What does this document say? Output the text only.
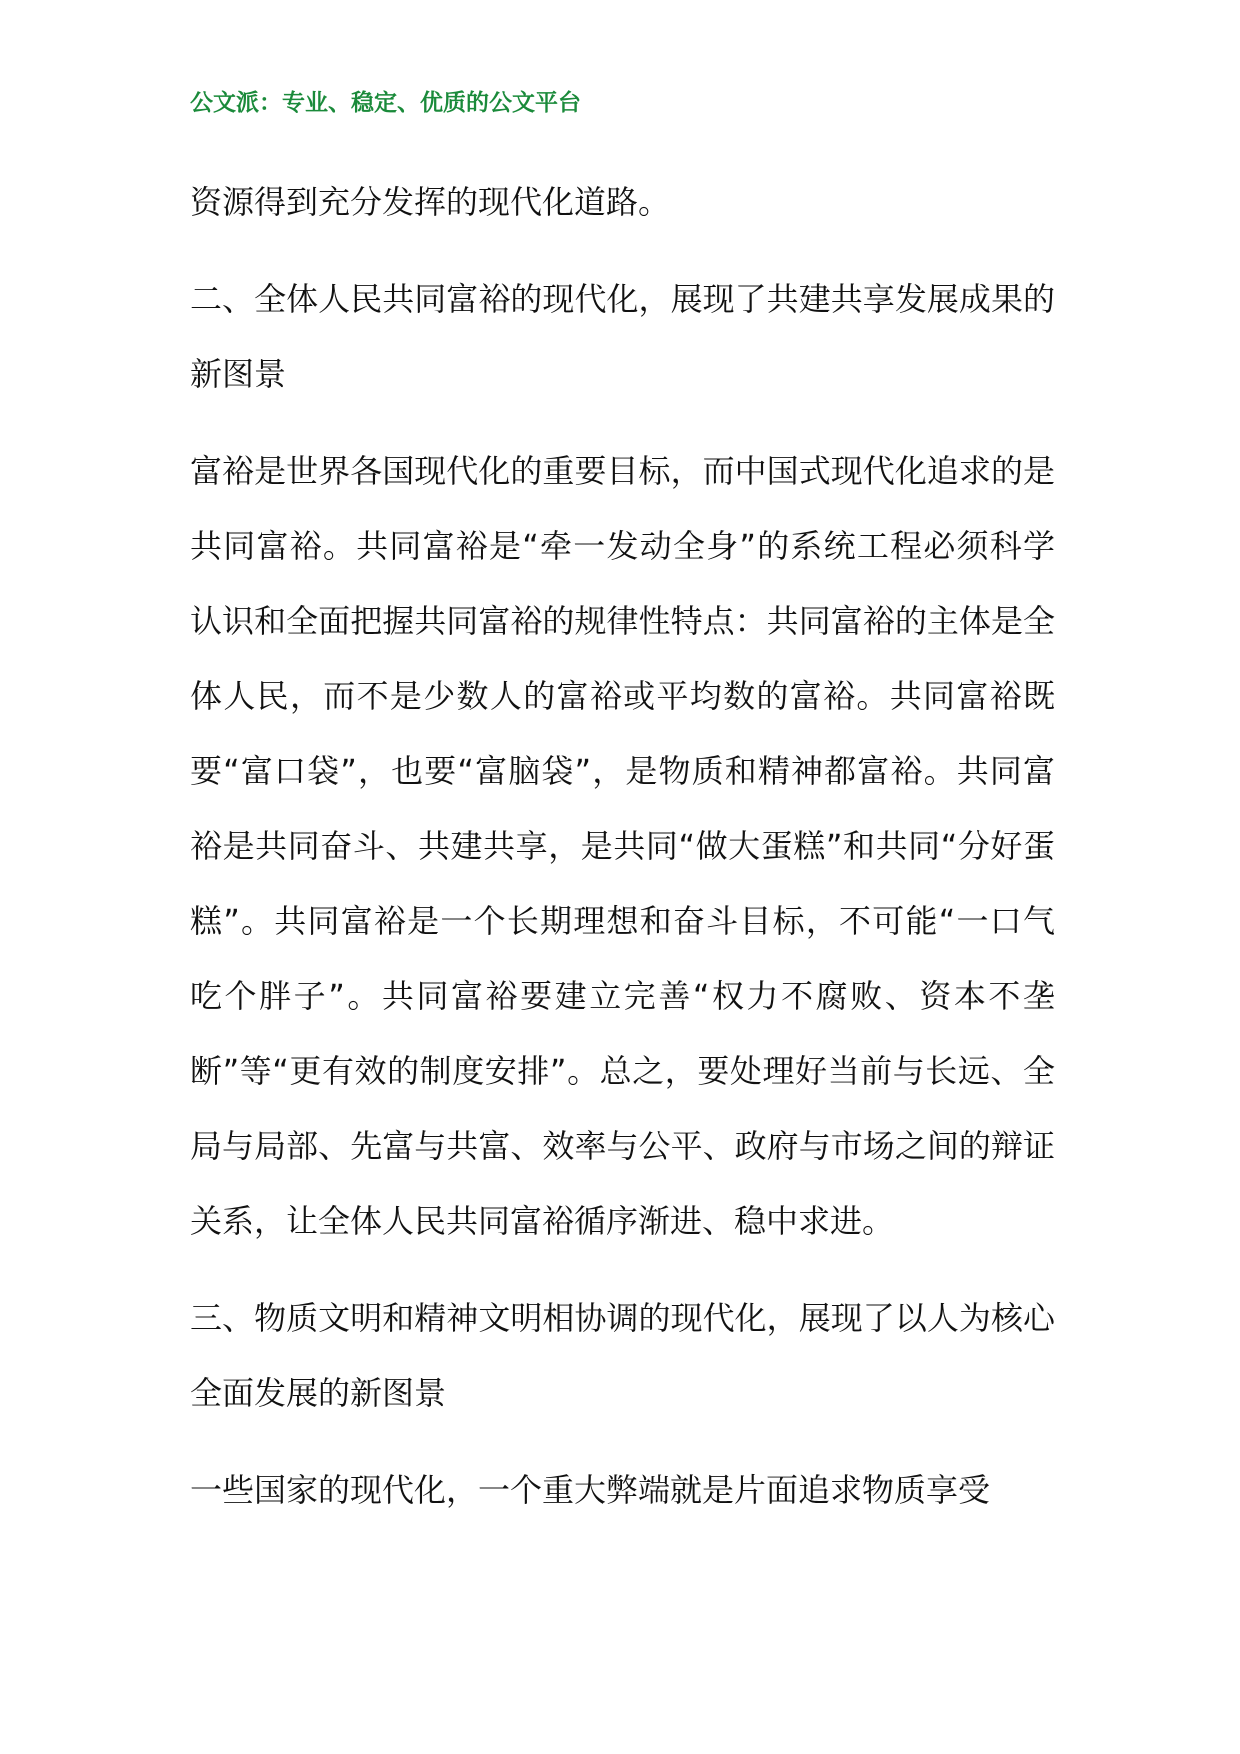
公文派：专业、稳定、优质的公文平台

资源得到充分发挥的现代化道路。

二、全体人民共同富裕的现代化，展现了共建共享发展成果的新图景

富裕是世界各国现代化的重要目标，而中国式现代化追求的是共同富裕。共同富裕是“牵一发动全身”的系统工程必须科学认识和全面把握共同富裕的规律性特点：共同富裕的主体是全体人民，而不是少数人的富裕或平均数的富裕。共同富裕既要“富口袋”，也要“富脑袋”，是物质和精神都富裕。共同富裕是共同奋斗、共建共享，是共同“做大蛋糕”和共同“分好蛋糕”。共同富裕是一个长期理想和奋斗目标，不可能“一口气吃个胖子”。共同富裕要建立完善“权力不腐败、资本不垄断”等“更有效的制度安排”。总之，要处理好当前与长远、全局与局部、先富与共富、效率与公平、政府与市场之间的辩证关系，让全体人民共同富裕循序渐进、稳中求进。

三、物质文明和精神文明相协调的现代化，展现了以人为核心全面发展的新图景

一些国家的现代化，一个重大弊端就是片面追求物质享受
